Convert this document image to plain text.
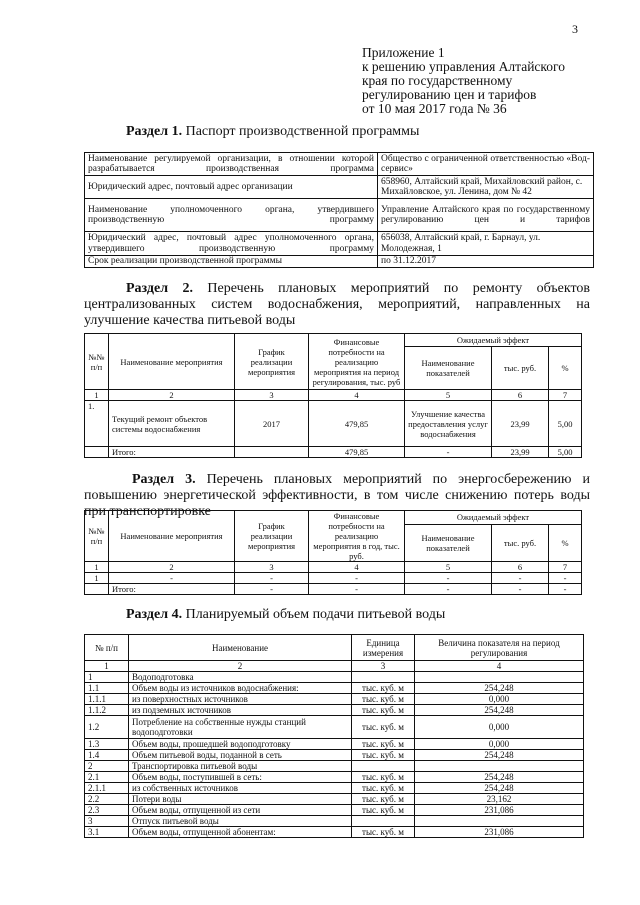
3
Приложение 1
к решению управления Алтайского
края по государственному
регулированию цен и тарифов
от 10 мая 2017 года № 36
Раздел 1. Паспорт производственной программы
Наименование регулируемой организации, в отношении которой разрабатывается производственная программа	Общество с ограниченной ответственностью «Вод-сервис»
Юридический адрес, почтовый адрес организации	658960, Алтайский край, Михайловский район, с. Михайловское, ул. Ленина, дом № 42
Наименование уполномоченного органа, утвердившего производственную программу	Управление Алтайского края по государственному регулированию цен и тарифов
Юридический адрес, почтовый адрес уполномоченного органа, утвердившего производственную программу	656038, Алтайский край, г. Барнаул, ул. Молодежная, 1
Срок реализации производственной программы	по 31.12.2017
Раздел 2. Перечень плановых мероприятий по ремонту объектов централизованных систем водоснабжения, мероприятий, направленных на улучшение качества питьевой воды
№№ п/п	Наименование мероприятия	График реализации мероприятия	Финансовые потребности на реализацию мероприятия на период регулирования, тыс. руб	Ожидаемый эффект		
				Наименование показателей	тыс. руб.	%
1	2	3	4	5	6	7
1.	Текущий ремонт объектов системы водоснабжения	2017	479,85	Улучшение качества предоставления услуг водоснабжения	23,99	5,00
	Итого:		479,85	-	23,99	5,00
Раздел 3. Перечень плановых мероприятий по энергосбережению и повышению энергетической эффективности, в том числе снижению потерь воды при транспортировке
№№ п/п	Наименование мероприятия	График реализации мероприятия	Финансовые потребности на реализацию мероприятия в год, тыс. руб.	Ожидаемый эффект		
				Наименование показателей	тыс. руб.	%
1	2	3	4	5	6	7
1	-	-	-	-	-	-
	Итого:	-	-	-	-	-
Раздел 4. Планируемый объем подачи питьевой воды
№ п/п	Наименование	Единица измерения	Величина показателя на период регулирования
1	2	3	4
1	Водоподготовка		
1.1	Объем воды из источников водоснабжения:	тыс. куб. м	254,248
1.1.1	из поверхностных источников	тыс. куб. м	0,000
1.1.2	из подземных источников	тыс. куб. м	254,248
1.2	Потребление на собственные нужды станций водоподготовки	тыс. куб. м	0,000
1.3	Объем воды, прошедшей водоподготовку	тыс. куб. м	0,000
1.4	Объем питьевой воды, поданной в сеть	тыс. куб. м	254,248
2	Транспортировка питьевой воды		
2.1	Объем воды, поступившей в сеть:	тыс. куб. м	254,248
2.1.1	из собственных источников	тыс. куб. м	254,248
2.2	Потери воды	тыс. куб. м	23,162
2.3	Объем воды, отпущенной из сети	тыс. куб. м	231,086
3	Отпуск питьевой воды		
3.1	Объем воды, отпущенной абонентам:	тыс. куб. м	231,086
